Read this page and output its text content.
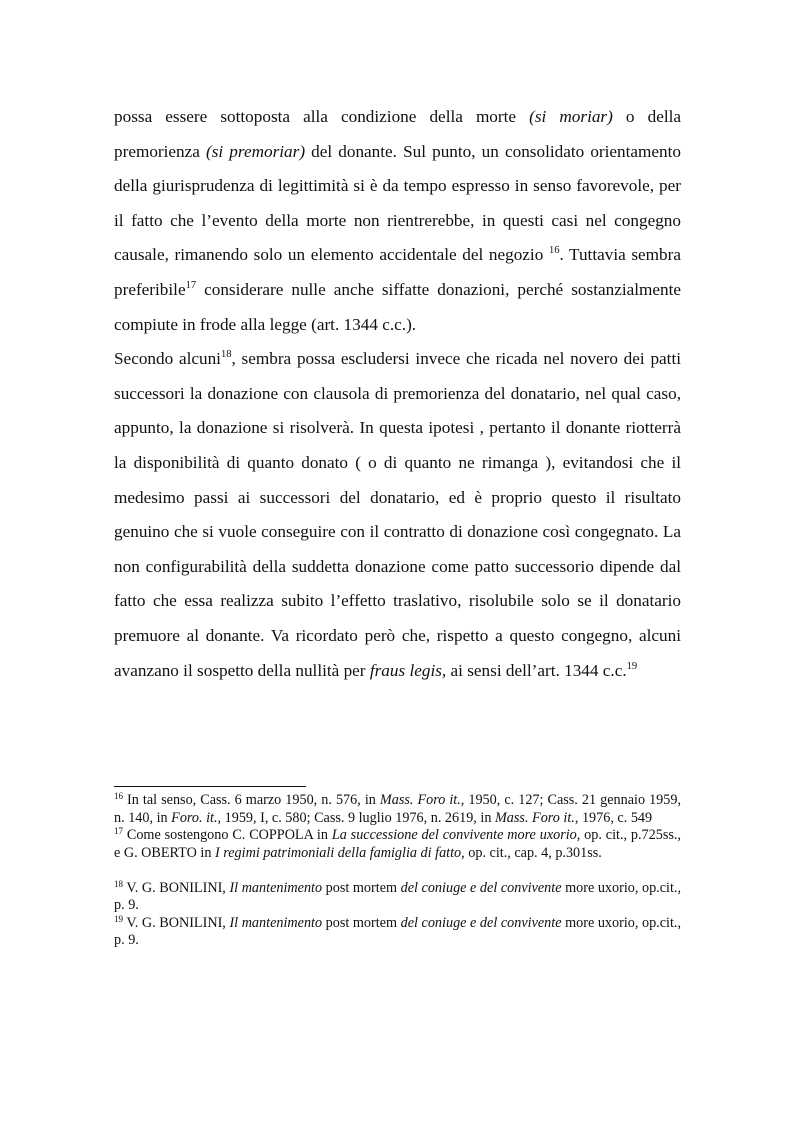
possa essere sottoposta alla condizione della morte (si moriar) o della premorienza (si premoriar) del donante. Sul punto, un consolidato orientamento della giurisprudenza di legittimità si è da tempo espresso in senso favorevole, per il fatto che l’evento della morte non rientrerebbe, in questi casi nel congegno causale, rimanendo solo un elemento accidentale del negozio $^{16}$. Tuttavia sembra preferibile$^{17}$ considerare nulle anche siffatte donazioni, perché sostanzialmente compiute in frode alla legge (art. 1344 c.c.).

Secondo alcuni$^{18}$, sembra possa escludersi invece che ricada nel novero dei patti successori la donazione con clausola di premorienza del donatario, nel qual caso, appunto, la donazione si risolverà. In questa ipotesi , pertanto il donante riotterrà la disponibilità di quanto donato ( o di quanto ne rimanga ), evitandosi che il medesimo passi ai successori del donatario, ed è proprio questo il risultato genuino che si vuole conseguire con il contratto di donazione così congegnato. La non configurabilità della suddetta donazione come patto successorio dipende dal fatto che essa realizza subito l’effetto traslativo, risolubile solo se il donatario premuore al donante. Va ricordato però che, rispetto a questo congegno, alcuni avanzano il sospetto della nullità per fraus legis, ai sensi dell’art. 1344 c.c.$^{19}$

$^{16}$ In tal senso, Cass. 6 marzo 1950, n. 576, in Mass. Foro it., 1950, c. 127; Cass. 21 gennaio 1959, n. 140, in Foro. it., 1959, I, c. 580; Cass. 9 luglio 1976, n. 2619, in Mass. Foro it., 1976, c. 549

$^{17}$ Come sostengono C. COPPOLA in La successione del convivente more uxorio, op. cit., p.725ss., e G. OBERTO in I regimi patrimoniali della famiglia di fatto, op. cit., cap. 4, p.301ss.

$^{18}$ V. G. BONILINI, Il mantenimento post mortem del coniuge e del convivente more uxorio, op.cit., p. 9.

$^{19}$ V. G. BONILINI, Il mantenimento post mortem del coniuge e del convivente more uxorio, op.cit., p. 9.
